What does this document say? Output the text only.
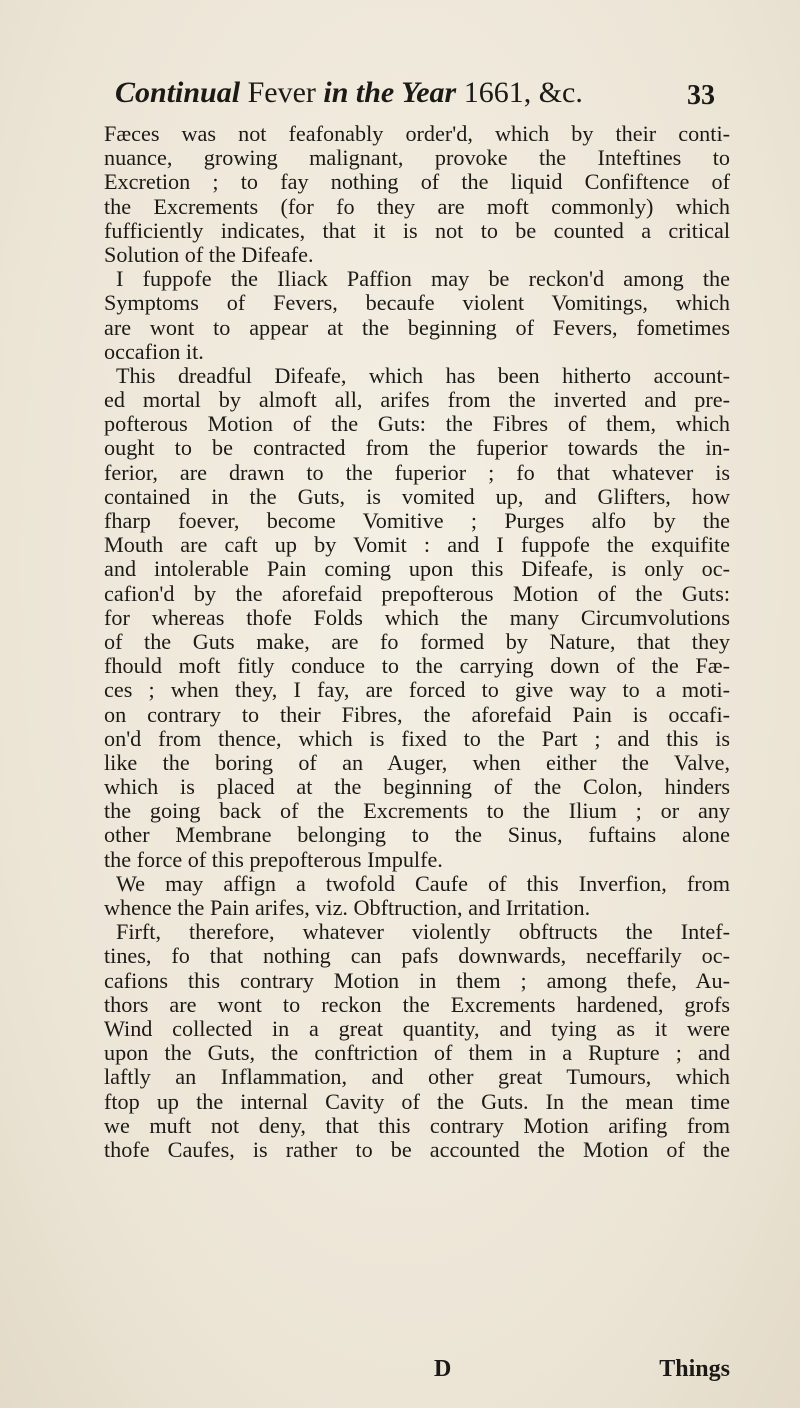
Continual Fever in the Year 1661, &c.	33
Fæces was not feafonably order'd, which by their conti-
nuance, growing malignant, provoke the Inteftines to
Excretion ; to fay nothing of the liquid Confiftence of
the Excrements (for fo they are moft commonly) which
fufficiently indicates, that it is not to be counted a critical
Solution of the Difeafe.
I fuppofe the Iliack Paffion may be reckon'd among the
Symptoms of Fevers, becaufe violent Vomitings, which
are wont to appear at the beginning of Fevers, fometimes
occafion it.
This dreadful Difeafe, which has been hitherto account-
ed mortal by almoft all, arifes from the inverted and pre-
pofterous Motion of the Guts: the Fibres of them, which
ought to be contracted from the fuperior towards the in-
ferior, are drawn to the fuperior ; fo that whatever is
contained in the Guts, is vomited up, and Glifters, how
fharp foever, become Vomitive ; Purges alfo by the
Mouth are caft up by Vomit : and I fuppofe the exquifite
and intolerable Pain coming upon this Difeafe, is only oc-
cafion'd by the aforefaid prepofterous Motion of the Guts:
for whereas thofe Folds which the many Circumvolutions
of the Guts make, are fo formed by Nature, that they
fhould moft fitly conduce to the carrying down of the Fæ-
ces ; when they, I fay, are forced to give way to a moti-
on contrary to their Fibres, the aforefaid Pain is occafi-
on'd from thence, which is fixed to the Part ; and this is
like the boring of an Auger, when either the Valve,
which is placed at the beginning of the Colon, hinders
the going back of the Excrements to the Ilium ; or any
other Membrane belonging to the Sinus, fuftains alone
the force of this prepofterous Impulfe.
We may affign a twofold Caufe of this Inverfion, from
whence the Pain arifes, viz. Obftruction, and Irritation.
Firft, therefore, whatever violently obftructs the Intef-
tines, fo that nothing can pafs downwards, neceffarily oc-
cafions this contrary Motion in them ; among thefe, Au-
thors are wont to reckon the Excrements hardened, grofs
Wind collected in a great quantity, and tying as it were
upon the Guts, the conftriction of them in a Rupture ; and
laftly an Inflammation, and other great Tumours, which
ftop up the internal Cavity of the Guts. In the mean time
we muft not deny, that this contrary Motion arifing from
thofe Caufes, is rather to be accounted the Motion of the
D	Things
